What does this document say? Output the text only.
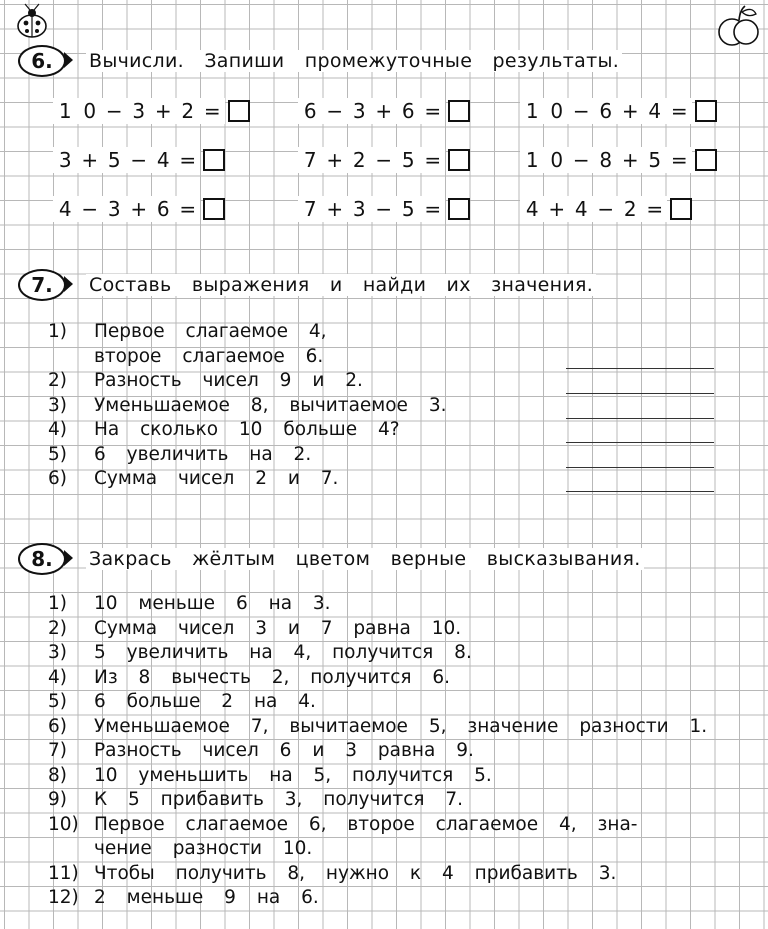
6.	Вычисли. Запиши промежуточные результаты.
1 0 − 3 + 2 =	6 − 3 + 6 =	1 0 − 6 + 4 =
3 + 5 − 4 =	7 + 2 − 5 =	1 0 − 8 + 5 =
4 − 3 + 6 =	7 + 3 − 5 =	4 + 4 − 2 =
7.	Составь выражения и найди их значения.
1)	Первое слагаемое 4,
второе слагаемое 6.
2)	Разность чисел 9 и 2.
3)	Уменьшаемое 8, вычитаемое 3.
4)	На сколько 10 больше 4?
5)	6 увеличить на 2.
6)	Сумма чисел 2 и 7.
8.	Закрась жёлтым цветом верные высказывания.
1)	10 меньше 6 на 3.
2)	Сумма чисел 3 и 7 равна 10.
3)	5 увеличить на 4, получится 8.
4)	Из 8 вычесть 2, получится 6.
5)	6 больше 2 на 4.
6)	Уменьшаемое 7, вычитаемое 5, значение разности 1.
7)	Разность чисел 6 и 3 равна 9.
8)	10 уменьшить на 5, получится 5.
9)	К 5 прибавить 3, получится 7.
10) Первое слагаемое 6, второе слагаемое 4, зна-
чение разности 10.
11) Чтобы получить 8, нужно к 4 прибавить 3.
12) 2 меньше 9 на 6.
